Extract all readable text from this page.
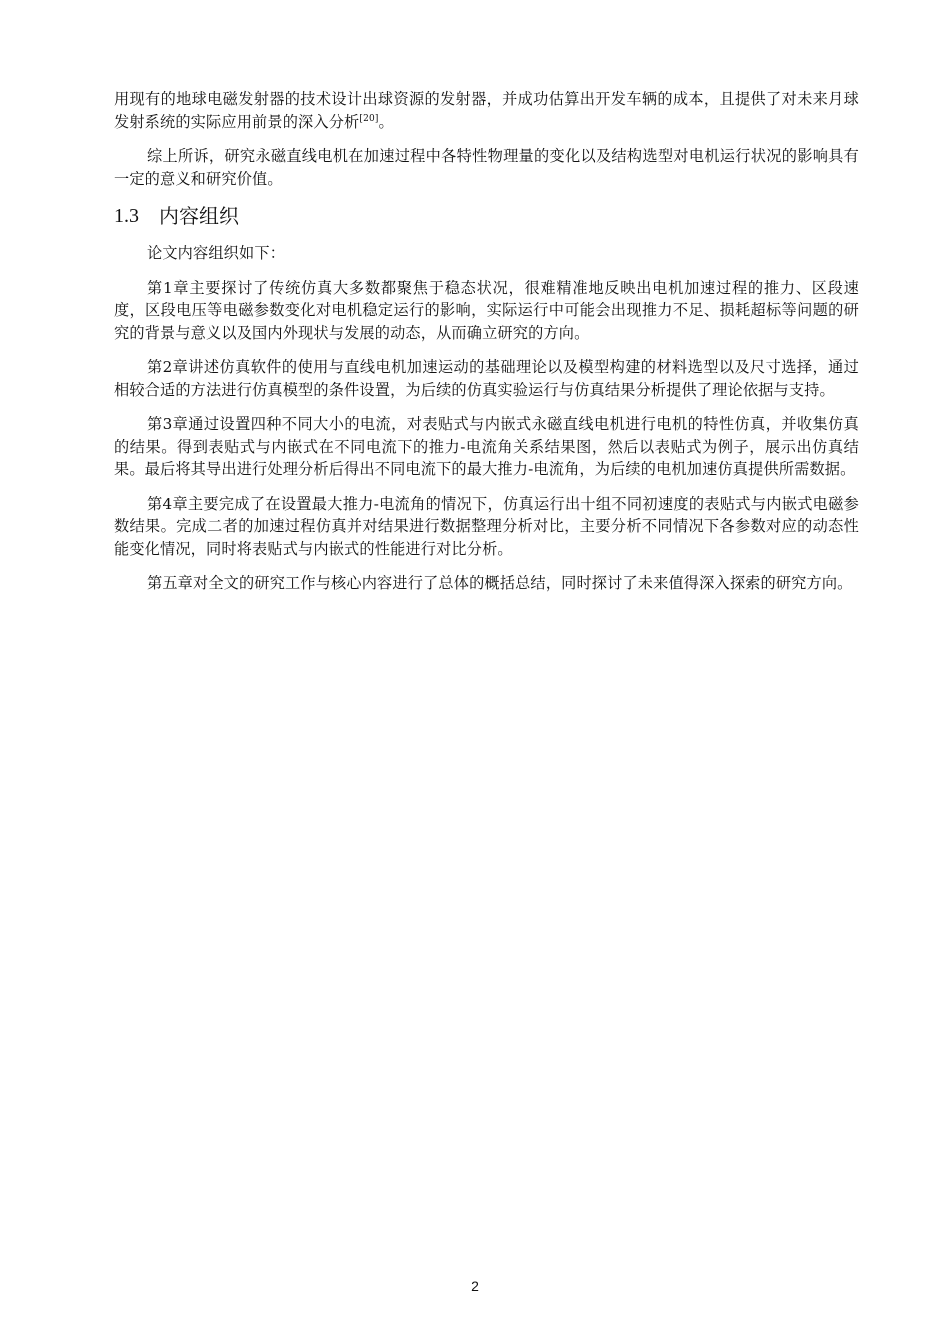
用现有的地球电磁发射器的技术设计出球资源的发射器，并成功估算出开发车辆的成本，且提供了对未来月球发射系统的实际应用前景的深入分析[20]。

综上所诉，研究永磁直线电机在加速过程中各特性物理量的变化以及结构选型对电机运行状况的影响具有一定的意义和研究价值。

1.3 内容组织

论文内容组织如下：

第1章主要探讨了传统仿真大多数都聚焦于稳态状况，很难精准地反映出电机加速过程的推力、区段速度，区段电压等电磁参数变化对电机稳定运行的影响，实际运行中可能会出现推力不足、损耗超标等问题的研究的背景与意义以及国内外现状与发展的动态，从而确立研究的方向。

第2章讲述仿真软件的使用与直线电机加速运动的基础理论以及模型构建的材料选型以及尺寸选择，通过相较合适的方法进行仿真模型的条件设置，为后续的仿真实验运行与仿真结果分析提供了理论依据与支持。

第3章通过设置四种不同大小的电流，对表贴式与内嵌式永磁直线电机进行电机的特性仿真，并收集仿真的结果。得到表贴式与内嵌式在不同电流下的推力-电流角关系结果图，然后以表贴式为例子，展示出仿真结果。最后将其导出进行处理分析后得出不同电流下的最大推力-电流角，为后续的电机加速仿真提供所需数据。

第4章主要完成了在设置最大推力-电流角的情况下，仿真运行出十组不同初速度的表贴式与内嵌式电磁参数结果。完成二者的加速过程仿真并对结果进行数据整理分析对比，主要分析不同情况下各参数对应的动态性能变化情况，同时将表贴式与内嵌式的性能进行对比分析。

第五章对全文的研究工作与核心内容进行了总体的概括总结，同时探讨了未来值得深入探索的研究方向。

2
